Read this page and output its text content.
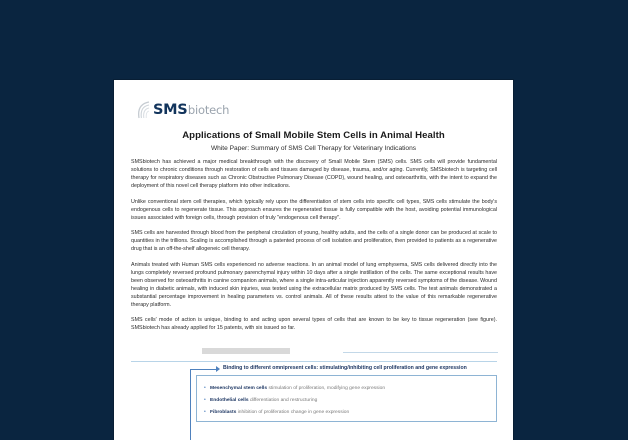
SMS biotech
Applications of Small Mobile Stem Cells in Animal Health
White Paper: Summary of SMS Cell Therapy for Veterinary Indications

SMSbiotech has achieved a major medical breakthrough with the discovery of Small Mobile Stem (SMS) cells. SMS cells will provide fundamental solutions to chronic conditions through restoration of cells and tissues damaged by disease, trauma, and/or aging. Currently, SMSbiotech is targeting cell therapy for respiratory diseases such as Chronic Obstructive Pulmonary Disease (COPD), wound healing, and osteoarthritis, with the intent to expand the deployment of this novel cell therapy platform into other indications.

Unlike conventional stem cell therapies, which typically rely upon the differentiation of stem cells into specific cell types, SMS cells stimulate the body's endogenous cells to regenerate tissue. This approach ensures the regenerated tissue is fully compatible with the host, avoiding potential immunological issues associated with foreign cells, through provision of truly "endogenous cell therapy".

SMS cells are harvested through blood from the peripheral circulation of young, healthy adults, and the cells of a single donor can be produced at scale to quantities in the trillions. Scaling is accomplished through a patented process of cell isolation and proliferation, then provided to patients as a regenerative drug that is an off-the-shelf allogeneic cell therapy.

Animals treated with Human SMS cells experienced no adverse reactions. In an animal model of lung emphysema, SMS cells delivered directly into the lungs completely reversed profound pulmonary parenchymal injury within 10 days after a single instillation of the cells. The same exceptional results have been observed for osteoarthritis in canine companion animals, where a single intra-articular injection apparently reversed symptoms of the disease. Wound healing in diabetic animals, with induced skin injuries, was tested using the extracellular matrix produced by SMS cells. The test animals demonstrated a substantial percentage improvement in healing parameters vs. control animals. All of these results attest to the value of this remarkable regenerative therapy platform.

SMS cells' mode of action is unique, binding to and acting upon several types of cells that are known to be key to tissue regeneration (see figure). SMSbiotech has already applied for 15 patents, with six issued so far.

Binding to different omnipresent cells: stimulating/inhibiting cell proliferation and gene expression
• Mesenchymal stem cells stimulation of proliferation, modifying gene expression
• Endothelial cells differentiation and restructuring
• Fibroblasts inhibition of proliferation change in gene expression
